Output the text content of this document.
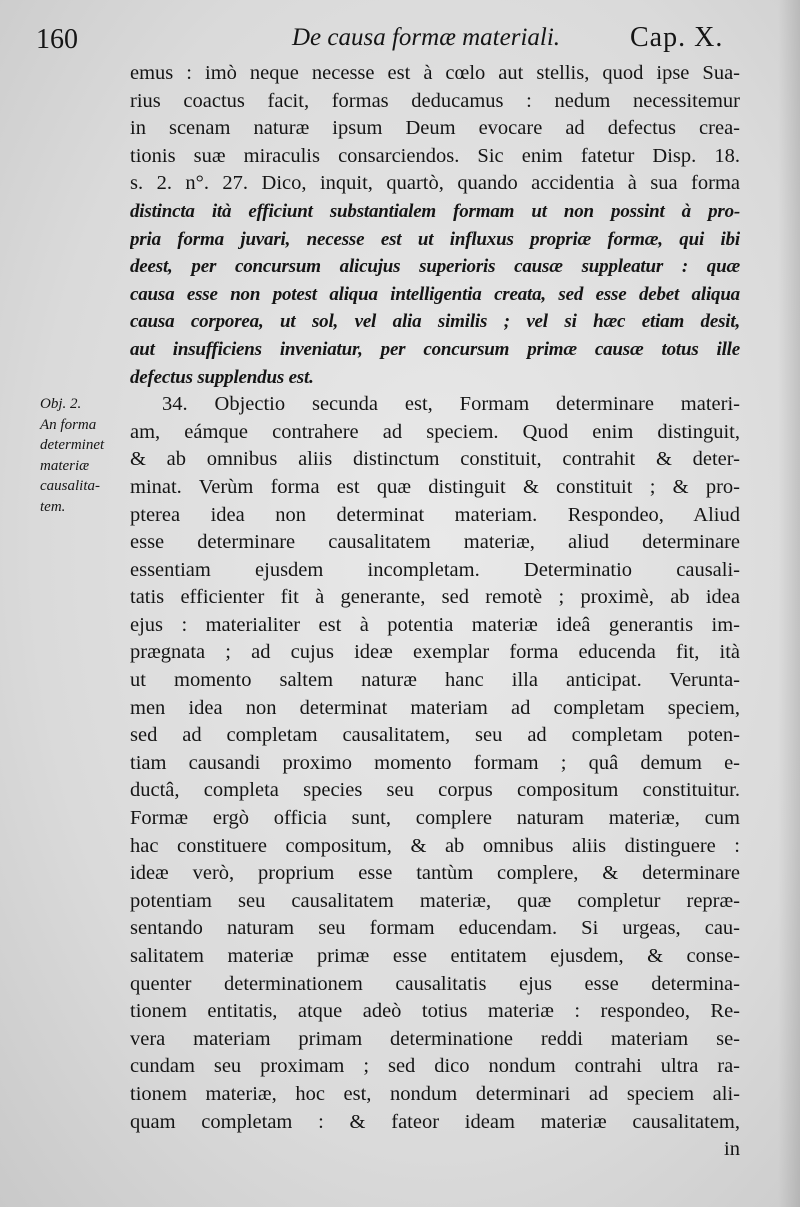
160	De causa formæ materiali. Cap. X.
Obj. 2.
An forma
determinet
materiæ
causalita-
tem.
emus : imò neque necesse est à cœlo aut stellis, quod ipse Sua-
rius coactus facit, formas deducamus : nedum necessitemur
in scenam naturæ ipsum Deum evocare ad defectus crea-
tionis suæ miraculis consarciendos. Sic enim fatetur Disp. 18.
s. 2. n°. 27. Dico, inquit, quartò, quando accidentia à sua forma
distincta ità efficiunt substantialem formam ut non possint à pro-
pria forma juvari, necesse est ut influxus propriæ formæ, qui ibi
deest, per concursum alicujus superioris causæ suppleatur : quæ
causa esse non potest aliqua intelligentia creata, sed esse debet aliqua
causa corporea, ut sol, vel alia similis ; vel si hæc etiam desit,
aut insufficiens inveniatur, per concursum primæ causæ totus ille
defectus supplendus est.
34. Objectio secunda est, Formam determinare materi-
am, eámque contrahere ad speciem. Quod enim distinguit,
& ab omnibus aliis distinctum constituit, contrahit & deter-
minat. Verùm forma est quæ distinguit & constituit ; & pro-
pterea idea non determinat materiam. Respondeo, Aliud
esse determinare causalitatem materiæ, aliud determinare
essentiam ejusdem incompletam. Determinatio causali-
tatis efficienter fit à generante, sed remotè ; proximè, ab idea
ejus : materialiter est à potentia materiæ ideâ generantis im-
prægnata ; ad cujus ideæ exemplar forma educenda fit, ità
ut momento saltem naturæ hanc illa anticipat. Verunta-
men idea non determinat materiam ad completam speciem,
sed ad completam causalitatem, seu ad completam poten-
tiam causandi proximo momento formam ; quâ demum e-
ductâ, completa species seu corpus compositum constituitur.
Formæ ergò officia sunt, complere naturam materiæ, cum
hac constituere compositum, & ab omnibus aliis distinguere :
ideæ verò, proprium esse tantùm complere, & determinare
potentiam seu causalitatem materiæ, quæ completur repræ-
sentando naturam seu formam educendam. Si urgeas, cau-
salitatem materiæ primæ esse entitatem ejusdem, & conse-
quenter determinationem causalitatis ejus esse determina-
tionem entitatis, atque adeò totius materiæ : respondeo, Re-
vera materiam primam determinatione reddi materiam se-
cundam seu proximam ; sed dico nondum contrahi ultra ra-
tionem materiæ, hoc est, nondum determinari ad speciem ali-
quam completam : & fateor ideam materiæ causalitatem,
in
